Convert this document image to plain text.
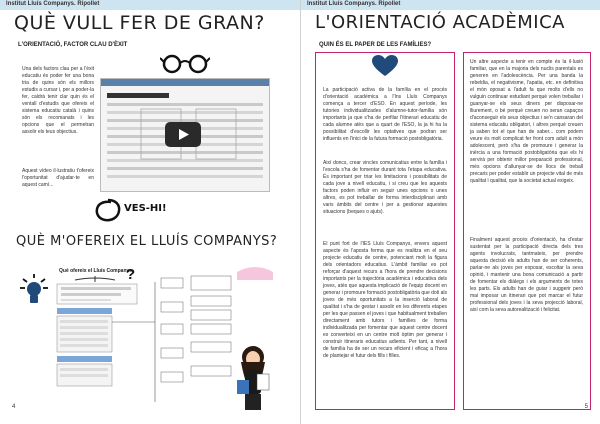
Institut Lluís Companys. Ripollet
QUÈ VULL FER DE GRAN?
L'ORIENTACIÓ, FACTOR CLAU D'ÈXIT
Una dels factors clau per a l'èxit educatiu és poder fer una bona tria de quins són els millors estudis a cursar i, per a poder-la fer, caldrà tenir clar quin és el ventall d'estudis que ofereix el sistema educatiu català i quins són els recomanats i les opcions que el permetran assolir els teus objectius.
Aquest vídeo il·lustratiu t'ofereix l'oportunitat d'ajudar-te en aquest camí...
VES-HI!
QUÈ M'OFEREIX EL LLUÍS COMPANYS?
Què ofereix el Lluís Companys
?
4
Institut Lluís Companys. Ripollet
L'ORIENTACIÓ ACADÈMICA
QUIN ÉS EL PAPER DE LES FAMÍLIES?
La participació activa de la família en el procés d'orientació acadèmica a l'Ins Lluís Companys comença a tercer d'ESO. En aquest període, les tutories individualitzades d'alumne-tutor-família són importants ja que s'ha de perfilar l'itinerari educatiu de cada alumne atès que a quart de l'ESO, la ja hi ha la possibilitat d'escollir les optatives que podran ser influents en l'inici de la futura formació postobligatòria.
Així doncs, crear vincles comunicatius entre la família i l'escola s'ha de fomentar durant tota l'etapa educativa. És important per triar les limitacions i possibilitats de cada jove a nivell educatiu, i si creu que les aquests factors poden influir en seguir unes opcions o unes altres, es pot treballar de forma interdisciplinari amb varis àmbits del centre i per a gestionar aquestes situacions (beques o ajuts).
El punt fort de l'IES Lluís Companys, envers aquest aspecte és l'aposta ferma que es realitza en el seu projecte educatiu de centre, potenciant molt la figura dels orientadors educatius. L'àmbit familiar es pot reforçar d'aquest recurs a l'hora de prendre decisions importants per la trajectòria acadèmica i educativa dels joves, atès que aquesta implicació de l'equip docent en generar i promoure formació postobligatòria que doti als joves de més oportunitats a la inserció laboral de qualitat i s'ha de gestar i assolir en les diferents etapes per les que passen el joves i que habitualment treballen directament amb tutors i famílies de forma individualitzada per fomentar que aquest centre docent es converteixi en un centre molt òptim per generar i construir itineraris educatius adients. Per tant, a nivell de família ha de ser un recurs eficient i eficaç a l'hora de plantejar el futur dels fills i filles.
Un altre aspecte a tenir en compte és la il·lusió familiar, que en la majoria dels nuclis parentals es generen en l'adolescència. Per una banda la rebeldia, el negativisme, l'apatia, etc. en definitiva el món oposat a l'adult fa que molts d'ells no vulguin continuar estudiant perquè volen treballar i guanyar-se els seus diners per disposar-ne lliurement, o bé perquè creuen no seran capaços d'aconseguir els seus objectius i se'n cansaran del sistema educatiu obligatori, i altres perquè creuen ja saben tot el que han de saber... com podem veure és molt complicat fer front com adult a món adolescent, però s'ha de promoure i generar la inèrcia a una formació postobligatòria que els hi servirà per obtenir millor preparació professional, més opcions d'allunyar-se de llocs de treball precaris per poder establir un projecte vital de més qualitat i qualitat, que la societat actual exigeix.
Finalment aquest procés d'orientació, ha d'estar sustentat per la participació directa dels tres agents involucrats, tantmateix, per prendre aquesta decisió els adults han de ser coherents, parlar-ne als joves per exposar, escoltar la seva opinió, i mantenir una bona comunicació a partir de fomentar els diàlegs i els arguments de totes les parts. Els adults han de guiar i suggerir però mai imposar un itinerari que pot marcar el futur professional dels joves i la seva projecció laboral, així com la seva autorealització i felicitat.
5
